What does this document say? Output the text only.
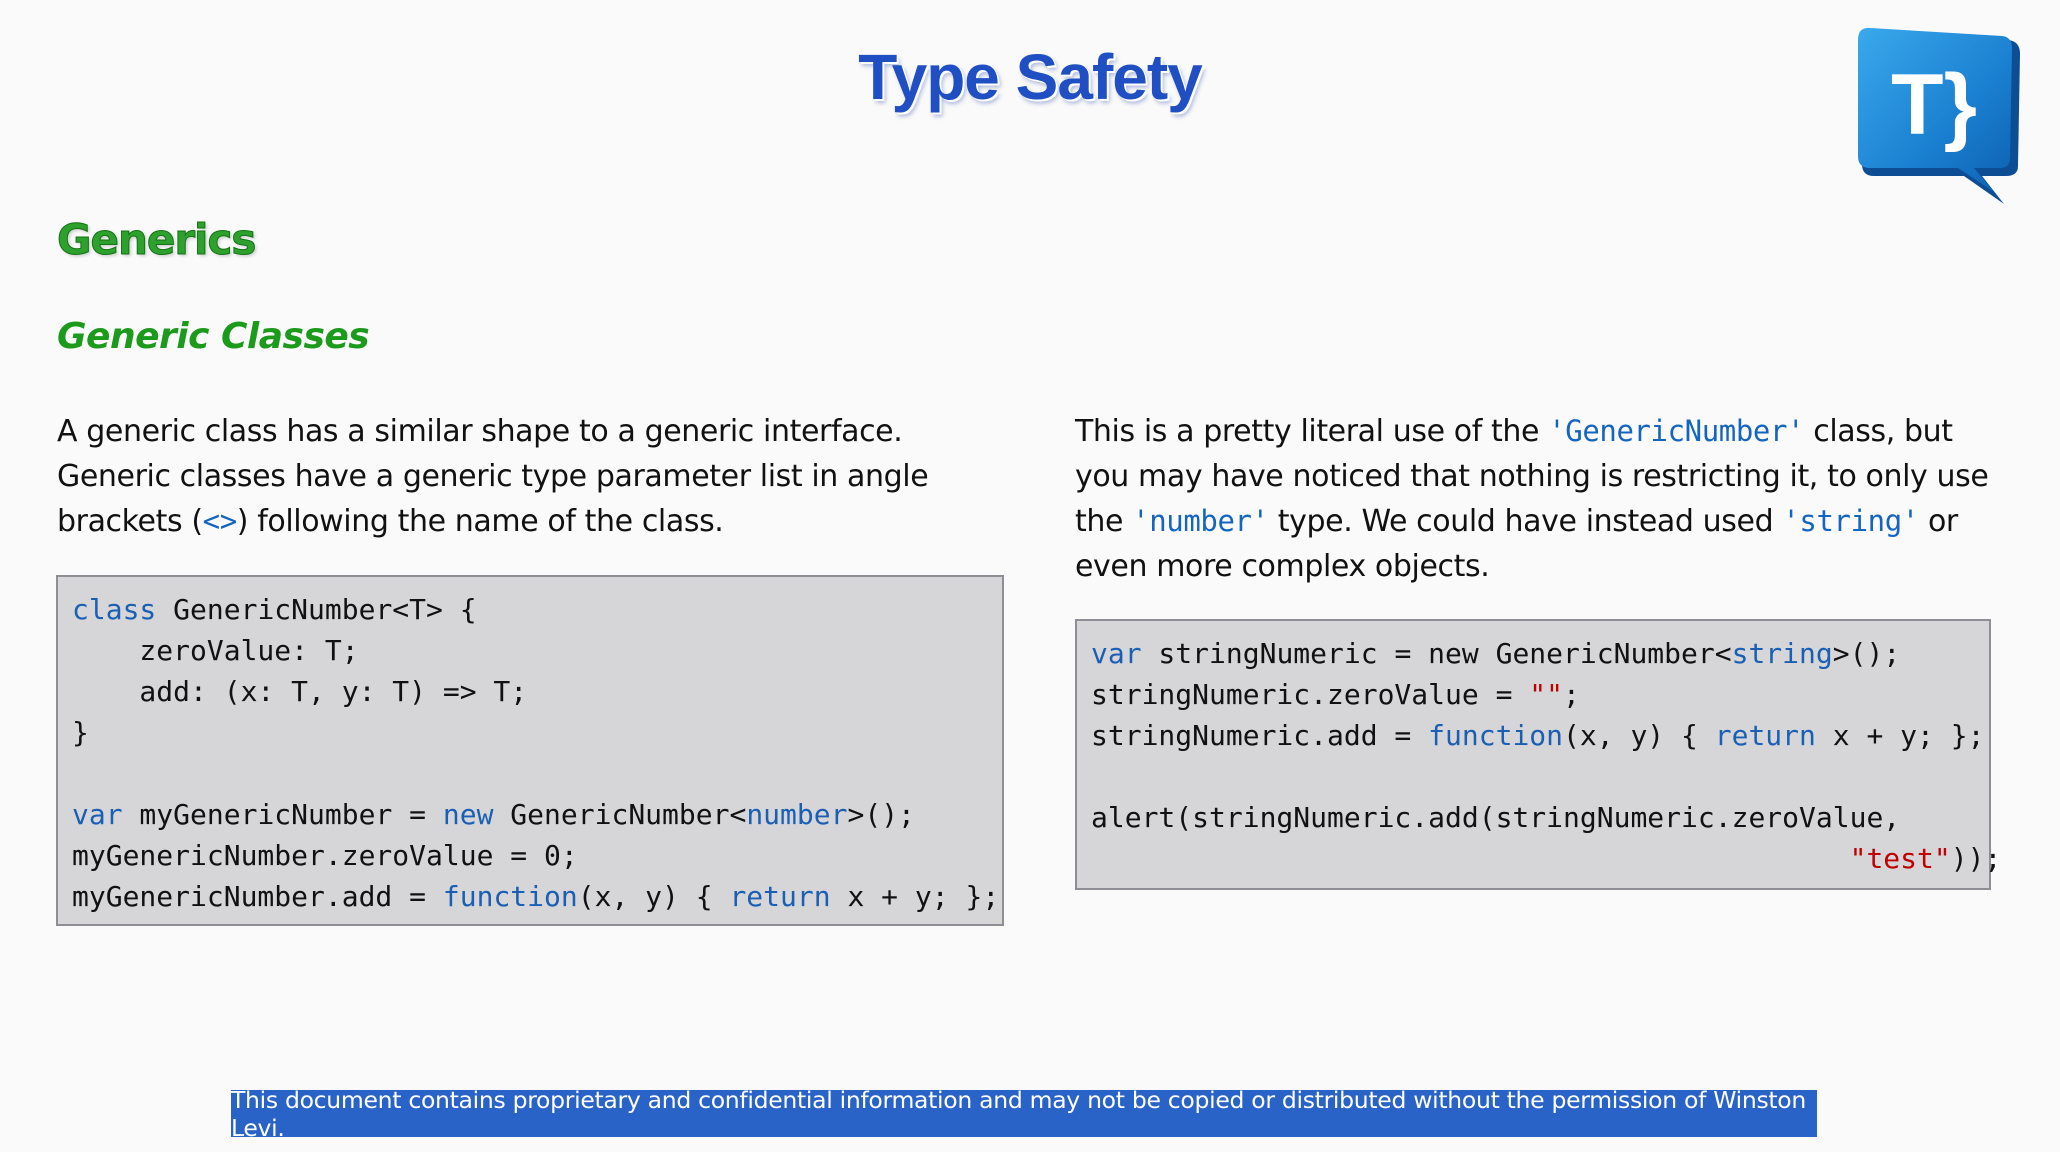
Type Safety	T}
Generics
Generic Classes

A generic class has a similar shape to a generic interface. Generic classes have a generic type parameter list in angle brackets (<>) following the name of the class.

class GenericNumber<T> {
zeroValue: T;
add: (x: T, y: T) => T;
}

var myGenericNumber = new GenericNumber<number>();
myGenericNumber.zeroValue = 0;
myGenericNumber.add = function(x, y) { return x + y; };

This is a pretty literal use of the 'GenericNumber' class, but you may have noticed that nothing is restricting it, to only use the 'number' type. We could have instead used 'string' or even more complex objects.

var stringNumeric = new GenericNumber<string>();
stringNumeric.zeroValue = "";
stringNumeric.add = function(x, y) { return x + y; };

alert(stringNumeric.add(stringNumeric.zeroValue,
"test"));
This document contains proprietary and confidential information and may not be copied or distributed without the permission of Winston Levi.
